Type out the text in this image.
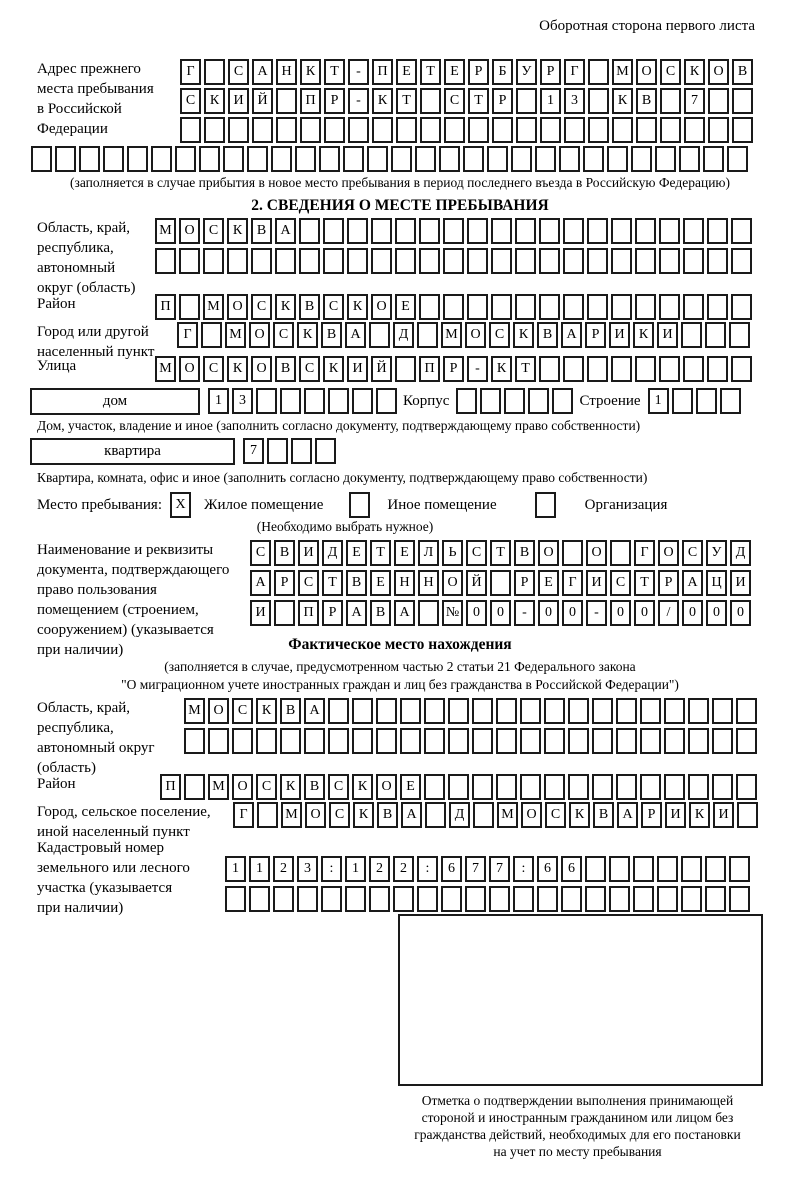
Оборотная сторона первого листа
Адрес прежнего
места пребывания
в Российской
Федерации
Г	С	А Н	К	Т	-	П	Е	Т	Е	Р	Б	У	Р	Г	М О	С	К	О	В
С	К	И Й	П	Р	-	К	Т	С	Т	Р	1	3	К	В	7
(заполняется в случае прибытия в новое место пребывания в период последнего въезда в Российскую Федерацию)
2. СВЕДЕНИЯ О МЕСТЕ ПРЕБЫВАНИЯ
Область, край,
республика,
автономный
округ (область)
М О	С	К	В	А
Район	П	М О	С	К	В	С	К	О	Е
Город или другой
населенный пункт
Г	М О	С	К	В	А	Д	М О	С	К	В	А	Р	И	К	И
Улица	М О	С	К	О	В	С	К	И Й	П	Р	-	К	Т
дом	1	3	Корпус	Строение	1
Дом, участок, владение и иное (заполнить согласно документу, подтверждающему право собственности)
квартира	7
Квартира, комната, офис и иное (заполнить согласно документу, подтверждающему право собственности)
Место пребывания: X	Жилое помещение	Иное помещение	Организация
(Необходимо выбрать нужное)
Наименование и реквизиты
документа, подтверждающего
право пользования
помещением (строением,
сооружением) (указывается
при наличии)
С	В	И	Д	Е	Т	Е	Л	Ь	С	Т	В	О	О	Г	О	С	У	Д
А	Р	С	Т	В	Е	Н Н О Й	Р	Е	Г	И	С	Т	Р	А Ц И
И	П	Р	А	В	А	№ 0	0	-	0	0	-	0	0	/	0	0	0
Фактическое место нахождения
(заполняется в случае, предусмотренном частью 2 статьи 21 Федерального закона
"О миграционном учете иностранных граждан и лиц без гражданства в Российской Федерации")
Область, край,
республика,
автономный округ
(область)
М О	С	К	В	А
Район	П	М О	С	К	В	С	К	О	Е
Город, сельское поселение,
иной населенный пункт
Г	М О	С	К	В	А	Д	М О	С	К	В	А	Р	И	К	И
Кадастровый номер
земельного или лесного
участка (указывается
при наличии)
1	1	2	3	:	1	2	2	:	6	7	7	:	6	6
Отметка о подтверждении выполнения принимающей
стороной и иностранным гражданином или лицом без
гражданства действий, необходимых для его постановки
на учет по месту пребывания
